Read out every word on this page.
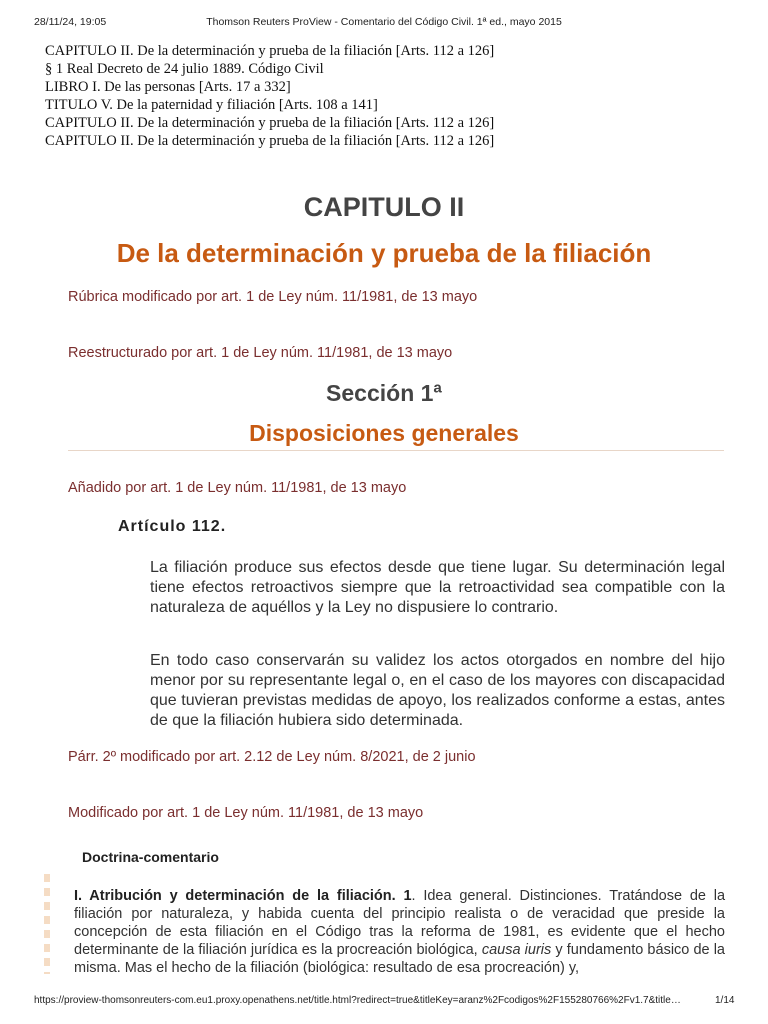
28/11/24, 19:05	Thomson Reuters ProView - Comentario del Código Civil. 1ª ed., mayo 2015
CAPITULO II. De la determinación y prueba de la filiación [Arts. 112 a 126]
§ 1 Real Decreto de 24 julio 1889. Código Civil
LIBRO I. De las personas [Arts. 17 a 332]
TITULO V. De la paternidad y filiación [Arts. 108 a 141]
CAPITULO II. De la determinación y prueba de la filiación [Arts. 112 a 126]
CAPITULO II. De la determinación y prueba de la filiación [Arts. 112 a 126]
CAPITULO II
De la determinación y prueba de la filiación
Rúbrica modificado por art. 1 de Ley núm. 11/1981, de 13 mayo
Reestructurado por art. 1 de Ley núm. 11/1981, de 13 mayo
Sección 1ª
Disposiciones generales
Añadido por art. 1 de Ley núm. 11/1981, de 13 mayo
Artículo 112.
La filiación produce sus efectos desde que tiene lugar. Su determinación legal tiene efectos retroactivos siempre que la retroactividad sea compatible con la naturaleza de aquéllos y la Ley no dispusiere lo contrario.
En todo caso conservarán su validez los actos otorgados en nombre del hijo menor por su representante legal o, en el caso de los mayores con discapacidad que tuvieran previstas medidas de apoyo, los realizados conforme a estas, antes de que la filiación hubiera sido determinada.
Párr. 2º modificado por art. 2.12 de Ley núm. 8/2021, de 2 junio
Modificado por art. 1 de Ley núm. 11/1981, de 13 mayo
Doctrina-comentario
I. Atribución y determinación de la filiación. 1. Idea general. Distinciones. Tratándose de la filiación por naturaleza, y habida cuenta del principio realista o de veracidad que preside la concepción de esta filiación en el Código tras la reforma de 1981, es evidente que el hecho determinante de la filiación jurídica es la procreación biológica, causa iuris y fundamento básico de la misma. Mas el hecho de la filiación (biológica: resultado de esa procreación) y,
https://proview-thomsonreuters-com.eu1.proxy.openathens.net/title.html?redirect=true&titleKey=aranz%2Fcodigos%2F155280766%2Fv1.7&title…	1/14
